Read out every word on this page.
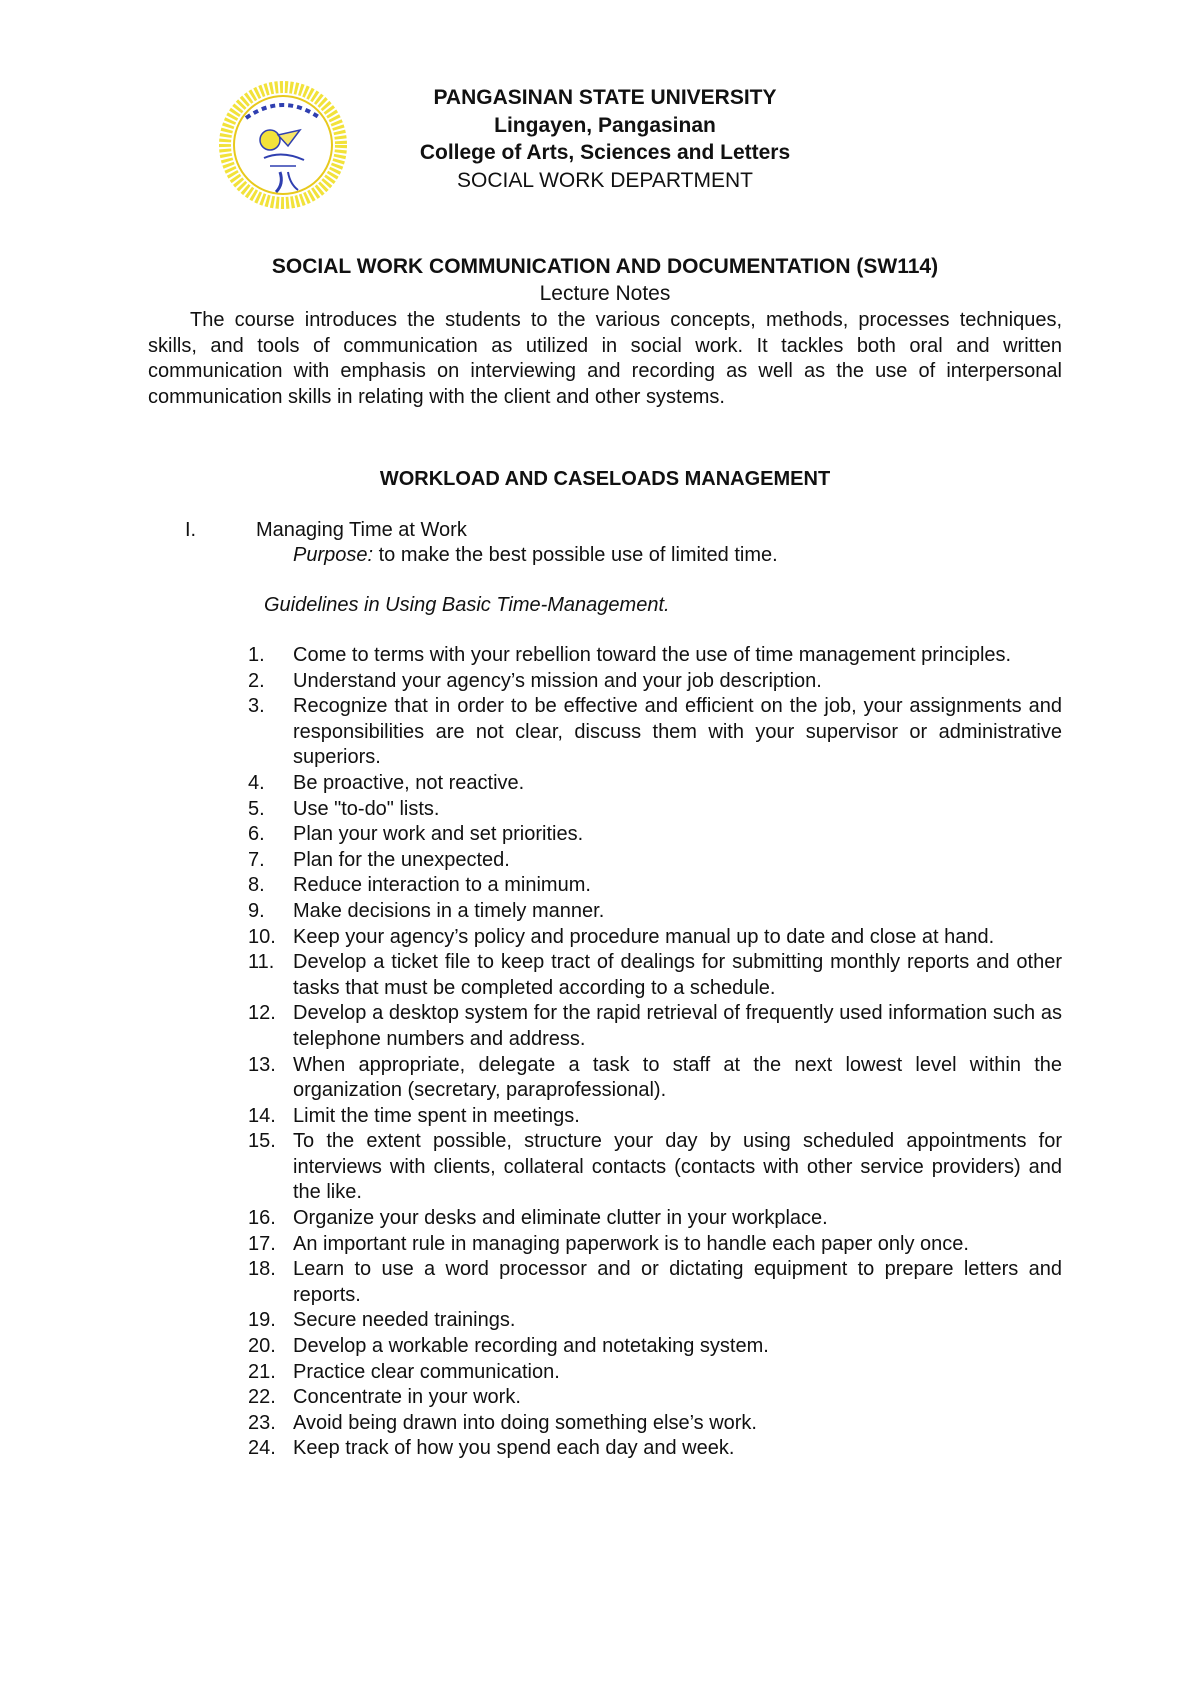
PANGASINAN STATE UNIVERSITY
Lingayen, Pangasinan
College of Arts, Sciences and Letters
SOCIAL WORK DEPARTMENT
SOCIAL WORK COMMUNICATION AND DOCUMENTATION (SW114)
Lecture Notes

The course introduces the students to the various concepts, methods, processes techniques, skills, and tools of communication as utilized in social work. It tackles both oral and written communication with emphasis on interviewing and recording as well as the use of interpersonal communication skills in relating with the client and other systems.

WORKLOAD AND CASELOADS MANAGEMENT
I.	Managing Time at Work
Purpose: to make the best possible use of limited time.
Guidelines in Using Basic Time-Management.
1.	Come to terms with your rebellion toward the use of time management principles.
2.	Understand your agency’s mission and your job description.
3.	Recognize that in order to be effective and efficient on the job, your assignments and responsibilities are not clear, discuss them with your supervisor or administrative superiors.
4.	Be proactive, not reactive.
5.	Use "to-do" lists.
6.	Plan your work and set priorities.
7.	Plan for the unexpected.
8.	Reduce interaction to a minimum.
9.	Make decisions in a timely manner.
10. Keep your agency’s policy and procedure manual up to date and close at hand.
11. Develop a ticket file to keep tract of dealings for submitting monthly reports and other tasks that must be completed according to a schedule.
12. Develop a desktop system for the rapid retrieval of frequently used information such as telephone numbers and address.
13. When appropriate, delegate a task to staff at the next lowest level within the organization (secretary, paraprofessional).
14. Limit the time spent in meetings.
15. To the extent possible, structure your day by using scheduled appointments for interviews with clients, collateral contacts (contacts with other service providers) and the like.
16. Organize your desks and eliminate clutter in your workplace.
17. An important rule in managing paperwork is to handle each paper only once.
18. Learn to use a word processor and or dictating equipment to prepare letters and reports.
19. Secure needed trainings.
20. Develop a workable recording and notetaking system.
21. Practice clear communication.
22. Concentrate in your work.
23. Avoid being drawn into doing something else’s work.
24. Keep track of how you spend each day and week.
